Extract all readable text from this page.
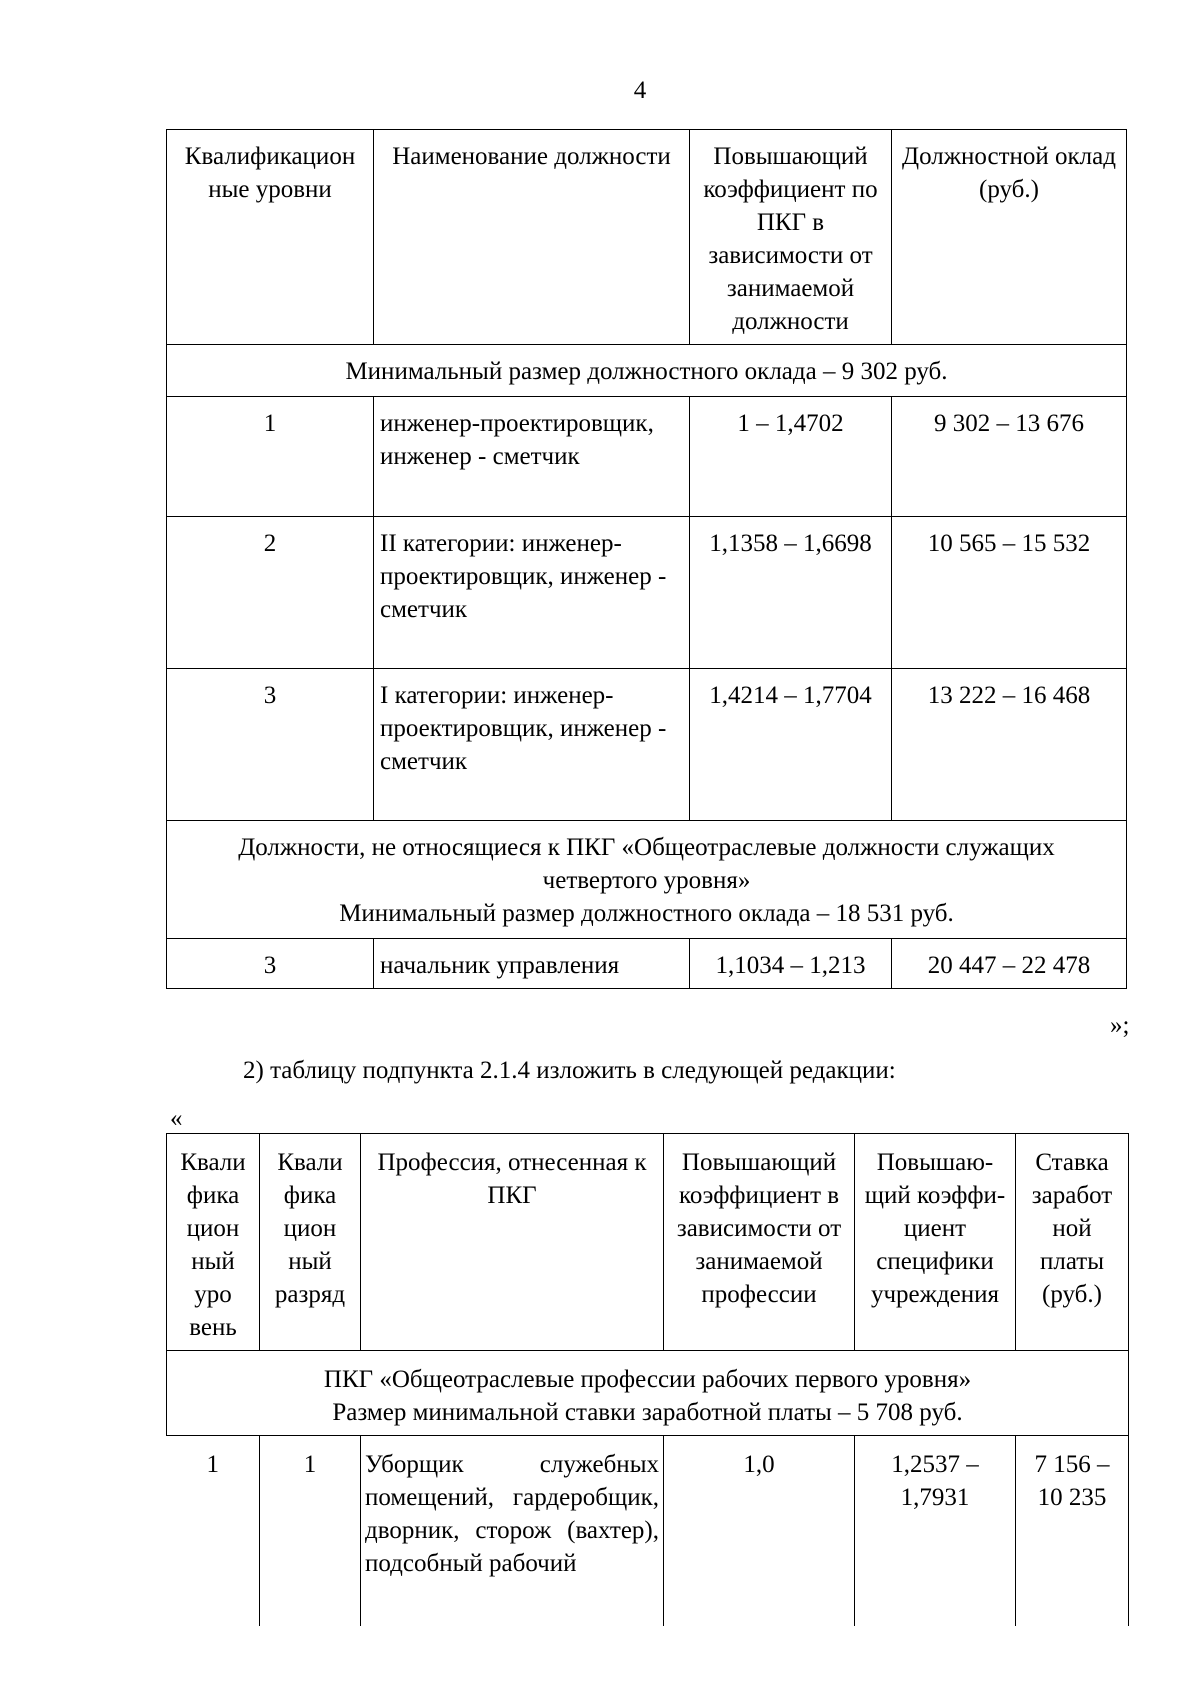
4
Квалификацион ные уровни	Наименование должности	Повышающий коэффициент по ПКГ в зависимости от занимаемой должности	Должностной оклад (руб.)
Минимальный размер должностного оклада – 9 302 руб.			
1	инженер-проектировщик, инженер - сметчик	1 – 1,4702	9 302 – 13 676
2	II категории: инженер-проектировщик, инженер - сметчик	1,1358 – 1,6698	10 565 – 15 532
3	I категории: инженер-проектировщик, инженер - сметчик	1,4214 – 1,7704	13 222 – 16 468

Должности, не относящиеся к ПКГ «Общеотраслевые должности служащих четвертого уровня»
Минимальный размер должностного оклада – 18 531 руб.			

3	начальник управления	1,1034 – 1,213	20 447 – 22 478
»;
2) таблицу подпункта 2.1.4 изложить в следующей редакции:
«
Квали фика цион ный уро вень	Квали фика цион ный разряд	Профессия, отнесенная к ПКГ	Повышающий коэффициент в зависимости от занимаемой профессии	Повышаю-щий коэффи-циент специфики учреждения	Ставка заработ ной платы (руб.)

ПКГ «Общеотраслевые профессии рабочих первого уровня»
Размер минимальной ставки заработной платы – 5 708 руб.					

1	1	Уборщик служебных помещений, гардеробщик, дворник, сторож (вахтер), подсобный рабочий	1,0	1,2537 – 1,7931	7 156 – 10 235
